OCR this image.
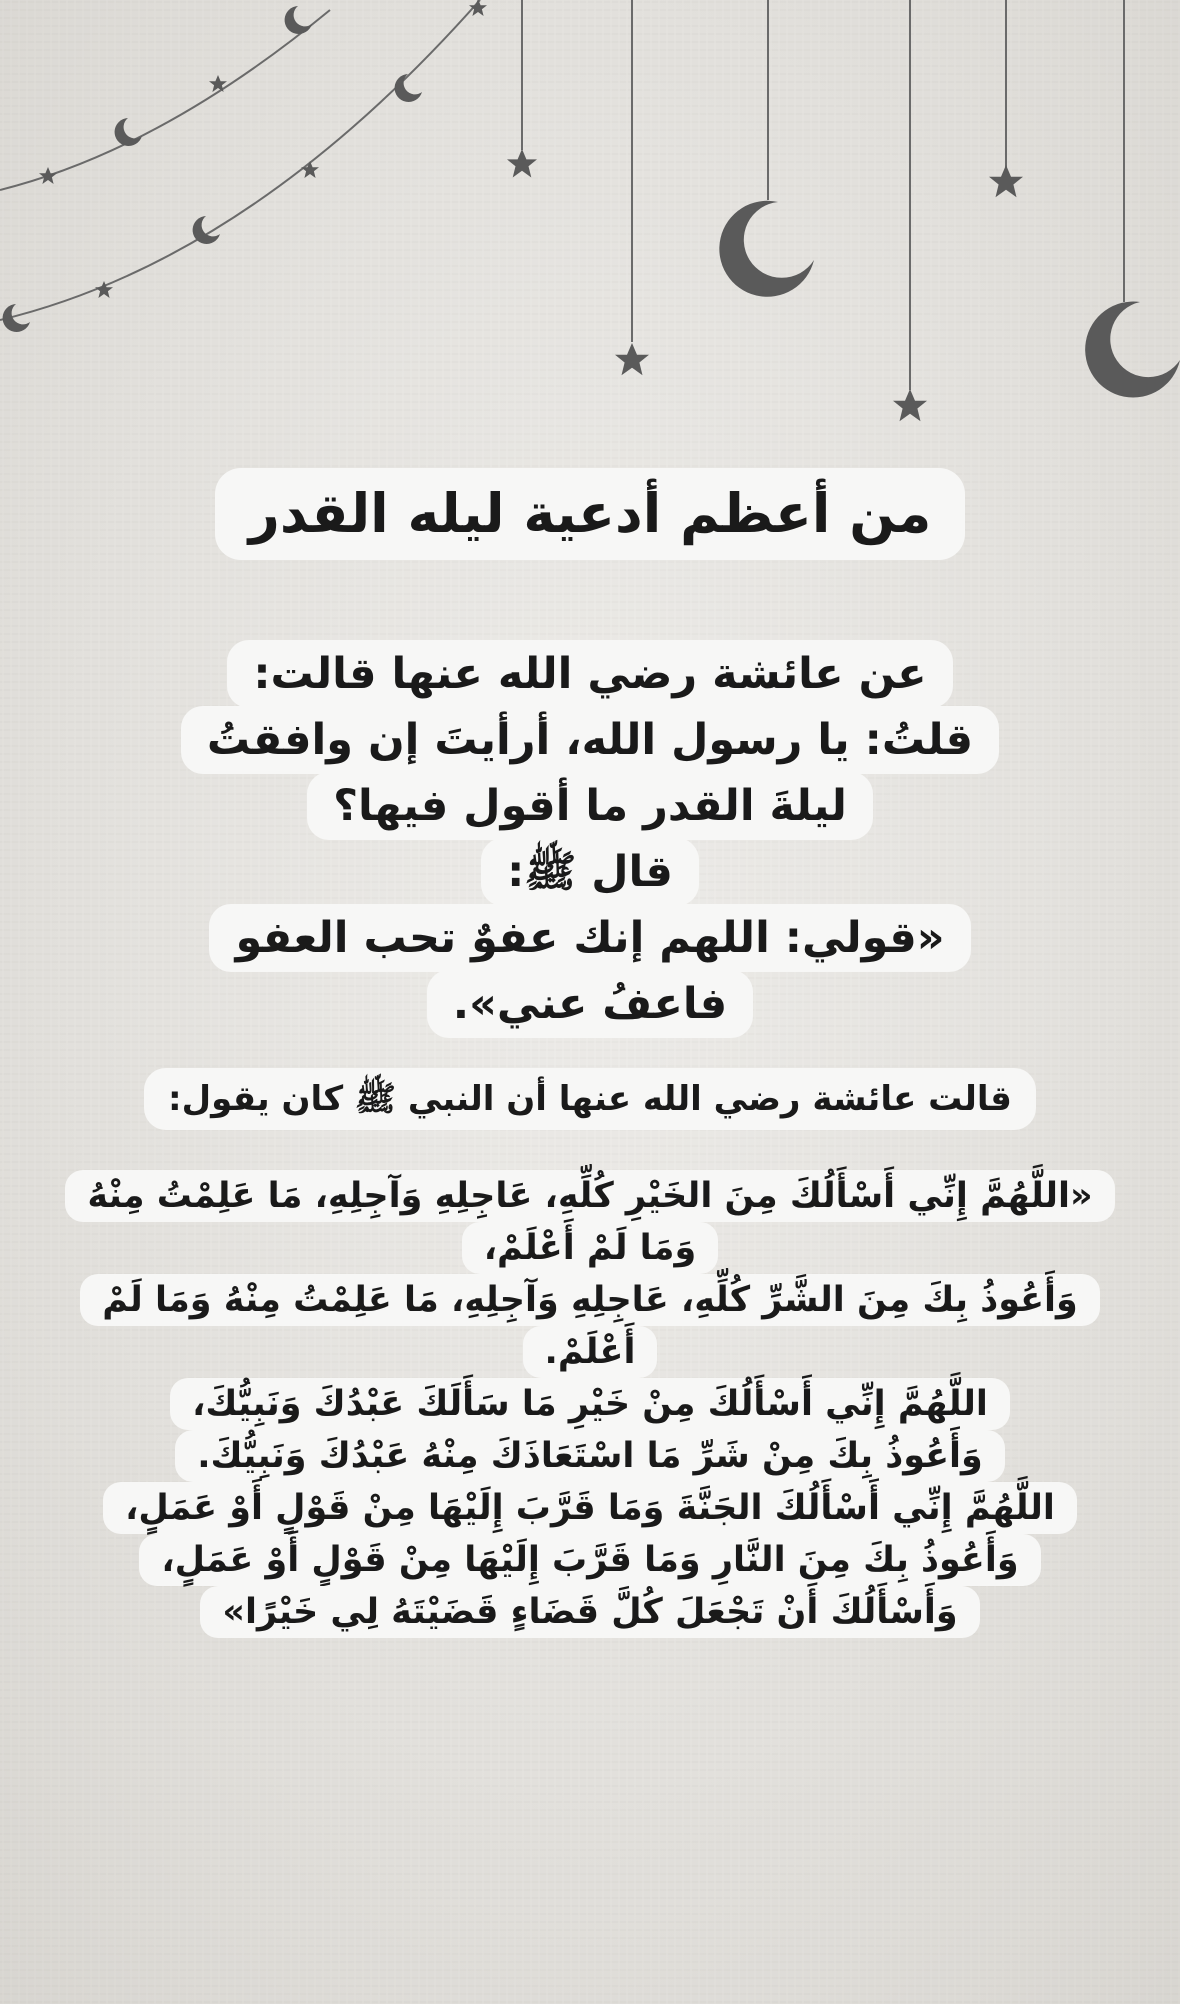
من أعظم أدعية ليله القدر
عن عائشة رضي الله عنها قالت:
قلتُ: يا رسول الله، أرأيتَ إن وافقتُ
ليلةَ القدر ما أقول فيها؟
قال ﷺ:
«قولي: اللهم إنك عفوٌ تحب العفو
فاعفُ عني».
قالت عائشة رضي الله عنها أن النبي ﷺ كان يقول:
«اللَّهُمَّ إِنِّي أَسْأَلُكَ مِنَ الخَيْرِ كُلِّهِ، عَاجِلِهِ وَآجِلِهِ، مَا عَلِمْتُ مِنْهُ
وَمَا لَمْ أَعْلَمْ،
وَأَعُوذُ بِكَ مِنَ الشَّرِّ كُلِّهِ، عَاجِلِهِ وَآجِلِهِ، مَا عَلِمْتُ مِنْهُ وَمَا لَمْ
أَعْلَمْ.
اللَّهُمَّ إِنِّي أَسْأَلُكَ مِنْ خَيْرِ مَا سَأَلَكَ عَبْدُكَ وَنَبِيُّكَ،
وَأَعُوذُ بِكَ مِنْ شَرِّ مَا اسْتَعَاذَكَ مِنْهُ عَبْدُكَ وَنَبِيُّكَ.
اللَّهُمَّ إِنِّي أَسْأَلُكَ الجَنَّةَ وَمَا قَرَّبَ إِلَيْهَا مِنْ قَوْلٍ أَوْ عَمَلٍ،
وَأَعُوذُ بِكَ مِنَ النَّارِ وَمَا قَرَّبَ إِلَيْهَا مِنْ قَوْلٍ أَوْ عَمَلٍ،
وَأَسْأَلُكَ أَنْ تَجْعَلَ كُلَّ قَضَاءٍ قَضَيْتَهُ لِي خَيْرًا»
